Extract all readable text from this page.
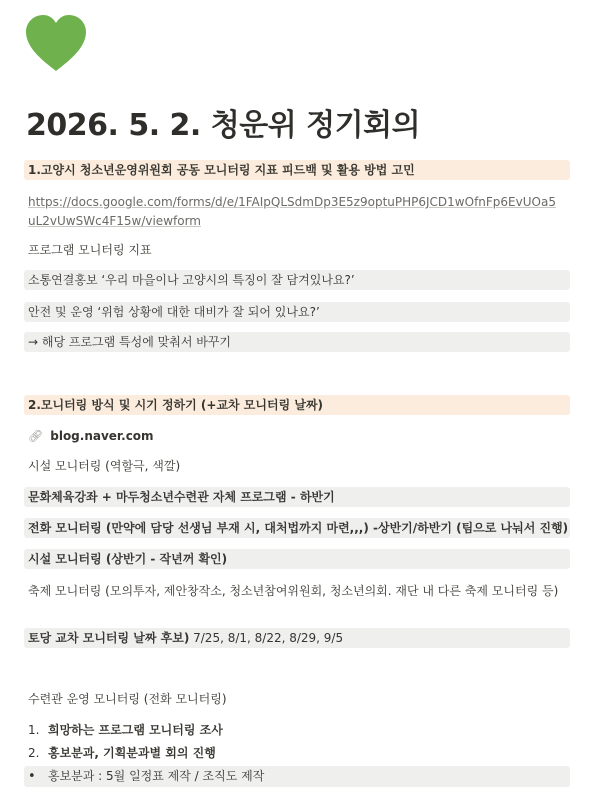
2026. 5. 2. 청운위 정기회의
1.고양시 청소년운영위원회 공동 모니터링 지표 피드백 및 활용 방법 고민
https://docs.google.com/forms/d/e/1FAIpQLSdmDp3E5z9optuPHP6JCD1wOfnFp6EvUOa5uL2vUwSWc4F15w/viewform
프로그램 모니터링 지표
소통연결홍보 ‘우리 마을이나 고양시의 특징이 잘 담겨있나요?’
안전 및 운영 ‘위험 상황에 대한 대비가 잘 되어 있나요?’
→ 해당 프로그램 특성에 맞춰서 바꾸기
2.모니터링 방식 및 시기 정하기 (+교차 모니터링 날짜)
🔗︎ blog.naver.com
시설 모니터링 (역할극, 색깔)
문화체육강좌 + 마두청소년수련관 자체 프로그램 - 하반기
전화 모니터링 (만약에 담당 선생님 부재 시, 대처법까지 마련,,,) -상반기/하반기 (팀으로 나눠서 진행)
시설 모니터링 (상반기 - 작년꺼 확인)
축제 모니터링 (모의투자, 제안창작소, 청소년참여위원회, 청소년의회. 재단 내 다른 축제 모니터링 등)
토당 교차 모니터링 날짜 후보) 7/25, 8/1, 8/22, 8/29, 9/5
수련관 운영 모니터링 (전화 모니터링)
1. 희망하는 프로그램 모니터링 조사
2. 홍보분과, 기획분과별 회의 진행
• 홍보분과 : 5월 일정표 제작 / 조직도 제작
